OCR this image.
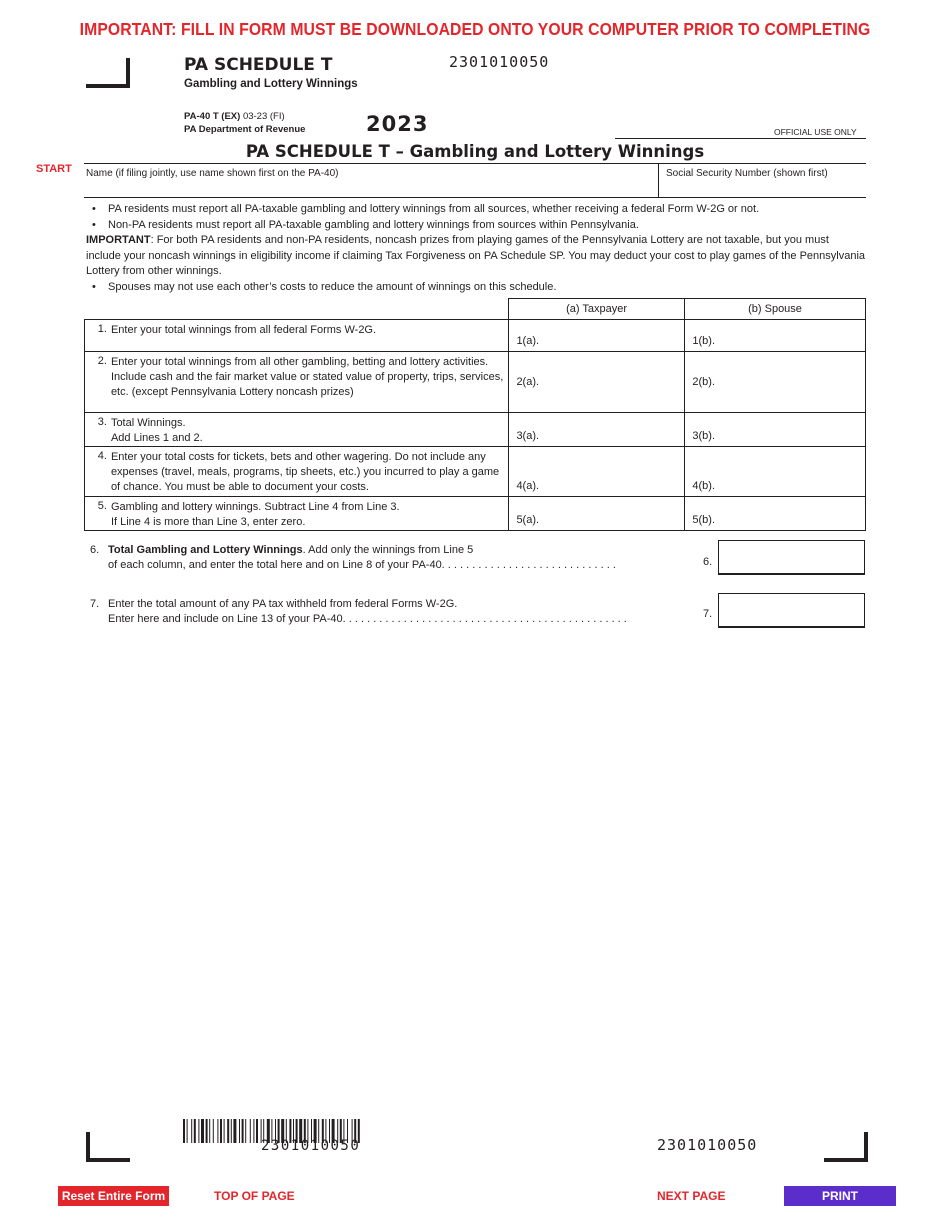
IMPORTANT: FILL IN FORM MUST BE DOWNLOADED ONTO YOUR COMPUTER PRIOR TO COMPLETING
PA SCHEDULE T
Gambling and Lottery Winnings
2301010050
PA-40 T (EX) 03-23 (FI)
PA Department of Revenue	2023	OFFICIAL USE ONLY
PA SCHEDULE T – Gambling and Lottery Winnings
START Name (if filing jointly, use name shown first on the PA-40)	Social Security Number (shown first)
• PA residents must report all PA-taxable gambling and lottery winnings from all sources, whether receiving a federal Form W-2G or not.
• Non-PA residents must report all PA-taxable gambling and lottery winnings from sources within Pennsylvania.
IMPORTANT: For both PA residents and non-PA residents, noncash prizes from playing games of the Pennsylvania Lottery are not taxable, but you must include your noncash winnings in eligibility income if claiming Tax Forgiveness on PA Schedule SP. You may deduct your cost to play games of the Pennsylvania Lottery from other winnings.
• Spouses may not use each other’s costs to reduce the amount of winnings on this schedule.
		(a) Taxpayer		(b) Spouse	
1.	Enter your total winnings from all federal Forms W-2G.	1(a).		1(b).	
2.	Enter your total winnings from all other gambling, betting and lottery activities. Include cash and the fair market value or stated value of property, trips, services, etc. (except Pennsylvania Lottery noncash prizes)	2(a).		2(b).	
3.	Total Winnings.
Add Lines 1 and 2.	3(a).		3(b).	
4.	Enter your total costs for tickets, bets and other wagering. Do not include any expenses (travel, meals, programs, tip sheets, etc.) you incurred to play a game of chance. You must be able to document your costs.	4(a).		4(b).	
5.	Gambling and lottery winnings. Subtract Line 4 from Line 3.
If Line 4 is more than Line 3, enter zero.	5(a).		5(b).	
6. Total Gambling and Lottery Winnings. Add only the winnings from Line 5
of each column, and enter the total here and on Line 8 of your PA-40. . . . . . . . . . . . . . . . . . . . . . . . . . . . .	6.
7. Enter the total amount of any PA tax withheld from federal Forms W-2G.
Enter here and include on Line 13 of your PA-40. . . . . . . . . . . . . . . . . . . . . . . . . . . . . . . . . . . . . . . . . . . . . . .	7.
2301010050	2301010050
Reset Entire Form	TOP OF PAGE	NEXT PAGE	PRINT
